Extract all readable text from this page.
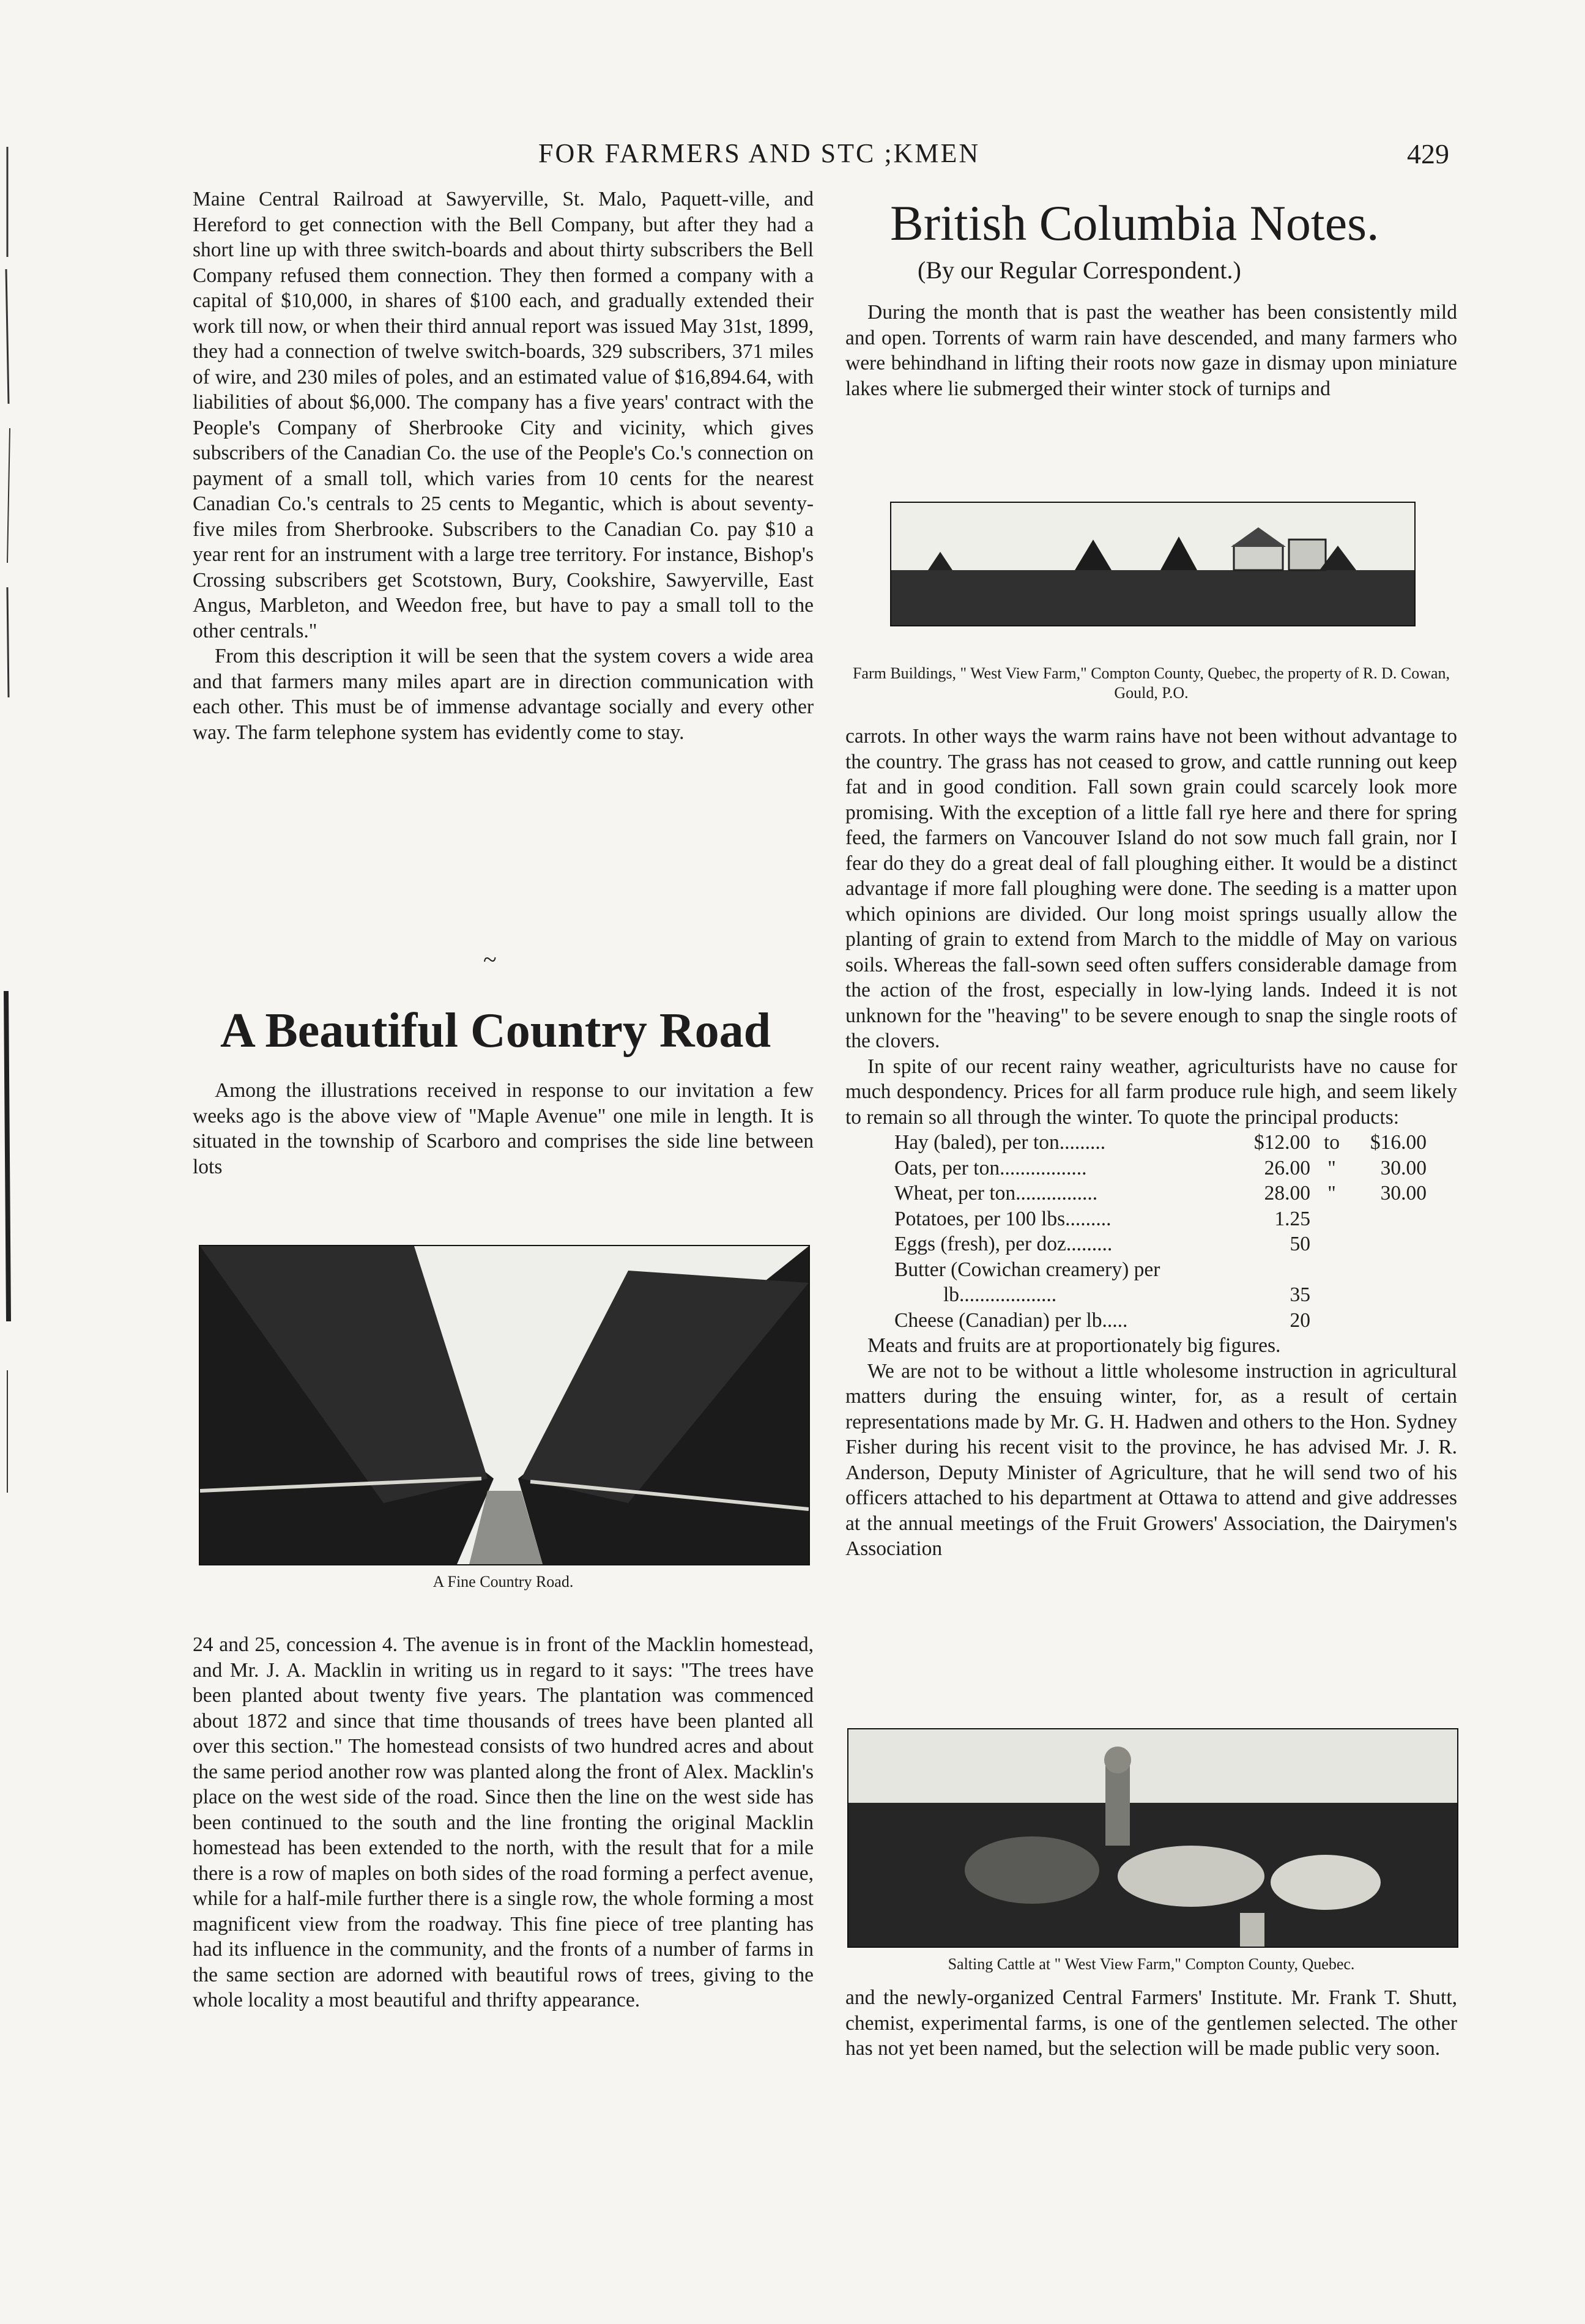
FOR FARMERS AND STC ;KMEN	429

Maine Central Railroad at Sawyerville, St. Malo, Paquett-ville, and Hereford to get connection with the Bell Company, but after they had a short line up with three switch-boards and about thirty subscribers the Bell Company refused them connection. They then formed a company with a capital of $10,000, in shares of $100 each, and gradually extended their work till now, or when their third annual report was issued May 31st, 1899, they had a connection of twelve switch-boards, 329 subscribers, 371 miles of wire, and 230 miles of poles, and an estimated value of $16,894.64, with liabilities of about $6,000. The company has a five years' contract with the People's Company of Sherbrooke City and vicinity, which gives subscribers of the Canadian Co. the use of the People's Co.'s connection on payment of a small toll, which varies from 10 cents for the nearest Canadian Co.'s centrals to 25 cents to Megantic, which is about seventy-five miles from Sherbrooke. Subscribers to the Canadian Co. pay $10 a year rent for an instrument with a large tree territory. For instance, Bishop's Crossing subscribers get Scotstown, Bury, Cookshire, Sawyerville, East Angus, Marbleton, and Weedon free, but have to pay a small toll to the other centrals."

From this description it will be seen that the system covers a wide area and that farmers many miles apart are in direction communication with each other. This must be of immense advantage socially and every other way. The farm telephone system has evidently come to stay.

~
A Beautiful Country Road

Among the illustrations received in response to our invitation a few weeks ago is the above view of "Maple Avenue" one mile in length. It is situated in the township of Scarboro and comprises the side line between lots

A Fine Country Road.

24 and 25, concession 4. The avenue is in front of the Macklin homestead, and Mr. J. A. Macklin in writing us in regard to it says: "The trees have been planted about twenty five years. The plantation was commenced about 1872 and since that time thousands of trees have been planted all over this section." The homestead consists of two hundred acres and about the same period another row was planted along the front of Alex. Macklin's place on the west side of the road. Since then the line on the west side has been continued to the south and the line fronting the original Macklin homestead has been extended to the north, with the result that for a mile there is a row of maples on both sides of the road forming a perfect avenue, while for a half-mile further there is a single row, the whole forming a most magnificent view from the roadway. This fine piece of tree planting has had its influence in the community, and the fronts of a number of farms in the same section are adorned with beautiful rows of trees, giving to the whole locality a most beautiful and thrifty appearance.

British Columbia Notes.
(By our Regular Correspondent.)

During the month that is past the weather has been consistently mild and open. Torrents of warm rain have descended, and many farmers who were behindhand in lifting their roots now gaze in dismay upon miniature lakes where lie submerged their winter stock of turnips and

Farm Buildings, " West View Farm," Compton County, Quebec, the property of R. D. Cowan, Gould, P.O.

carrots. In other ways the warm rains have not been without advantage to the country. The grass has not ceased to grow, and cattle running out keep fat and in good condition. Fall sown grain could scarcely look more promising. With the exception of a little fall rye here and there for spring feed, the farmers on Vancouver Island do not sow much fall grain, nor I fear do they do a great deal of fall ploughing either. It would be a distinct advantage if more fall ploughing were done. The seeding is a matter upon which opinions are divided. Our long moist springs usually allow the planting of grain to extend from March to the middle of May on various soils. Whereas the fall-sown seed often suffers considerable damage from the action of the frost, especially in low-lying lands. Indeed it is not unknown for the "heaving" to be severe enough to snap the single roots of the clovers.

In spite of our recent rainy weather, agriculturists have no cause for much despondency. Prices for all farm produce rule high, and seem likely to remain so all through the winter. To quote the principal products:

Hay (baled), per ton.........	$12.00 to	$16.00
Oats, per ton.................	26.00 "	30.00
Wheat, per ton................	28.00 "	30.00
Potatoes, per 100 lbs.........	1.25
Eggs (fresh), per doz.........	50
Butter (Cowichan creamery) per
lb...................	35
Cheese (Canadian) per lb.....	20

Meats and fruits are at proportionately big figures.

We are not to be without a little wholesome instruction in agricultural matters during the ensuing winter, for, as a result of certain representations made by Mr. G. H. Hadwen and others to the Hon. Sydney Fisher during his recent visit to the province, he has advised Mr. J. R. Anderson, Deputy Minister of Agriculture, that he will send two of his officers attached to his department at Ottawa to attend and give addresses at the annual meetings of the Fruit Growers' Association, the Dairymen's Association

Salting Cattle at " West View Farm," Compton County, Quebec.

and the newly-organized Central Farmers' Institute. Mr. Frank T. Shutt, chemist, experimental farms, is one of the gentlemen selected. The other has not yet been named, but the selection will be made public very soon.
